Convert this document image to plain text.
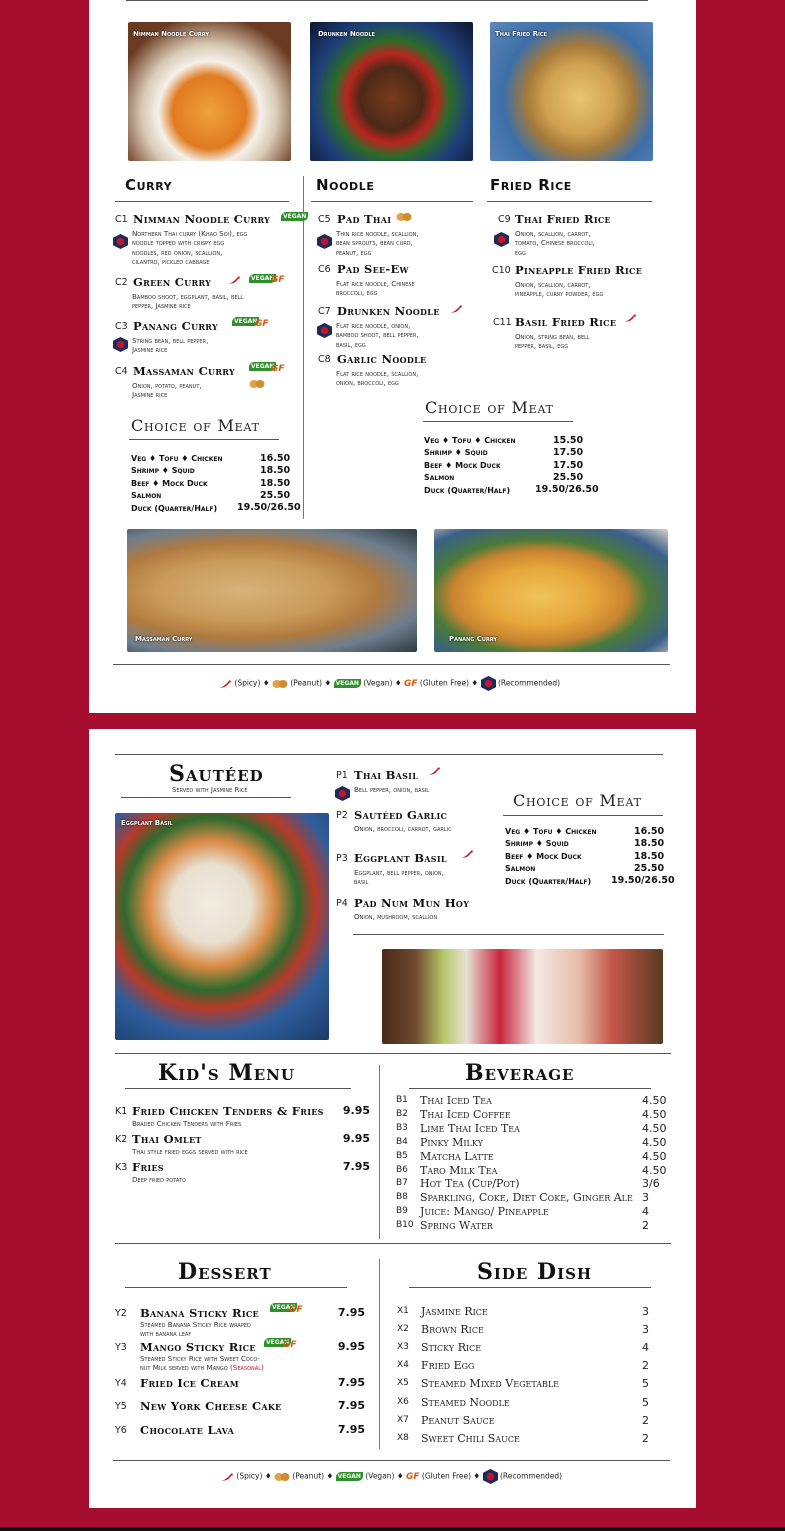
Nimman Noodle Curry	Drunken Noodle	Thai Fried Rice
Curry	Noodle	Fried Rice
C1 Nimman Noodle Curry	VEGAN
Northern Thai curry (Khao Soi), egg
noodle topped with crispy egg
noodles, red onion, scallion,
cilantro, pickled cabbage
C2 Green Curry	VEGAN
GF
Bamboo shoot, eggplant, basil, bell
pepper, Jasmine rice
C3 Panang Curry	VEGAN
GF
String bean, bell pepper,
Jasmine rice
C4 Massaman Curry	VEGAN
GF
Onion, potato, peanut,
Jasmine rice
Choice of Meat
Veg ♦ Tofu ♦ Chicken	16.50
Shrimp ♦ Squid	18.50
Beef ♦ Mock Duck	18.50
Salmon	25.50
Duck (Quarter/Half) 19.50/26.50
C5 Pad Thai
Thin rice noodle, scallion,
bean sprouts, bean curd,
peanut, egg
C6 Pad See-Ew
Flat rice noodle, Chinese
broccoli, egg
C7 Drunken Noodle
Flat rice noodle, onion,
bamboo shoot, bell pepper,
basil, egg
C8 Garlic Noodle
Flat rice noodle, scallion,
onion, broccoli, egg
C9 Thai Fried Rice
Onion, scallion, carrot,
tomato, Chinese broccoli,
egg
C10 Pineapple Fried Rice
Onion, scallion, carrot,
pineapple, curry powder, egg
C11 Basil Fried Rice
Onion, string bean, bell
pepper, basil, egg
Choice of Meat
Veg ♦ Tofu ♦ Chicken	15.50
Shrimp ♦ Squid	17.50
Beef ♦ Mock Duck	17.50
Salmon	25.50
Duck (Quarter/Half)	19.50/26.50
Massaman Curry	Panang Curry
(Spicy) ♦	(Peanut) ♦ VEGAN (Vegan) ♦ GF (Gluten Free) ♦	(Recommended)
Sautéed
Served with Jasmine Rice
Eggplant Basil
P1 Thai Basil
Bell pepper, onion, basil
P2 Sautéed Garlic
Onion, broccoli, carrot, garlic
P3 Eggplant Basil
Eggplant, bell pepper, onion,
basil
P4 Pad Num Mun Hoy
Onion, mushroom, scallion
Choice of Meat
Veg ♦ Tofu ♦ Chicken	16.50
Shrimp ♦ Squid	18.50
Beef ♦ Mock Duck	18.50
Salmon	25.50
Duck (Quarter/Half) 19.50/26.50
Kid's Menu
K1 Fried Chicken Tenders & Fries	9.95
Braded Chicken Tenders with Fries
K2 Thai Omlet	9.95
Thai style fried eggs served with rice
K3 Fries	7.95
Deep fried potato
Beverage
B1 Thai Iced Tea	4.50
B2 Thai Iced Coffee	4.50
B3 Lime Thai Iced Tea	4.50
B4 Pinky Milky	4.50
B5 Matcha Latte	4.50
B6 Taro Milk Tea	4.50
B7 Hot Tea (Cup/Pot)	3/6
B8 Sparkling, Coke, Diet Coke, Ginger Ale 3
B9 Juice: Mango/ Pineapple	4
B10 Spring Water	2
Dessert
Y2 Banana Sticky Rice	VEGAN
GF	7.95
Steamed Banana Sticky Rice wraped
with banana leaf
Y3 Mango Sticky Rice	VEGAN
GF	9.95
Steamed Sticky Rice with Sweet Coco-
nut Milk served with Mango (Seasonal)
Y4 Fried Ice Cream	7.95
Y5 New York Cheese Cake	7.95
Y6 Chocolate Lava	7.95
Side Dish
X1 Jasmine Rice	3
X2 Brown Rice	3
X3 Sticky Rice	4
X4 Fried Egg	2
X5 Steamed Mixed Vegetable	5
X6 Steamed Noodle	5
X7 Peanut Sauce	2
X8 Sweet Chili Sauce	2
(Spicy) ♦	(Peanut) ♦ VEGAN (Vegan) ♦ GF (Gluten Free) ♦	(Recommended)
